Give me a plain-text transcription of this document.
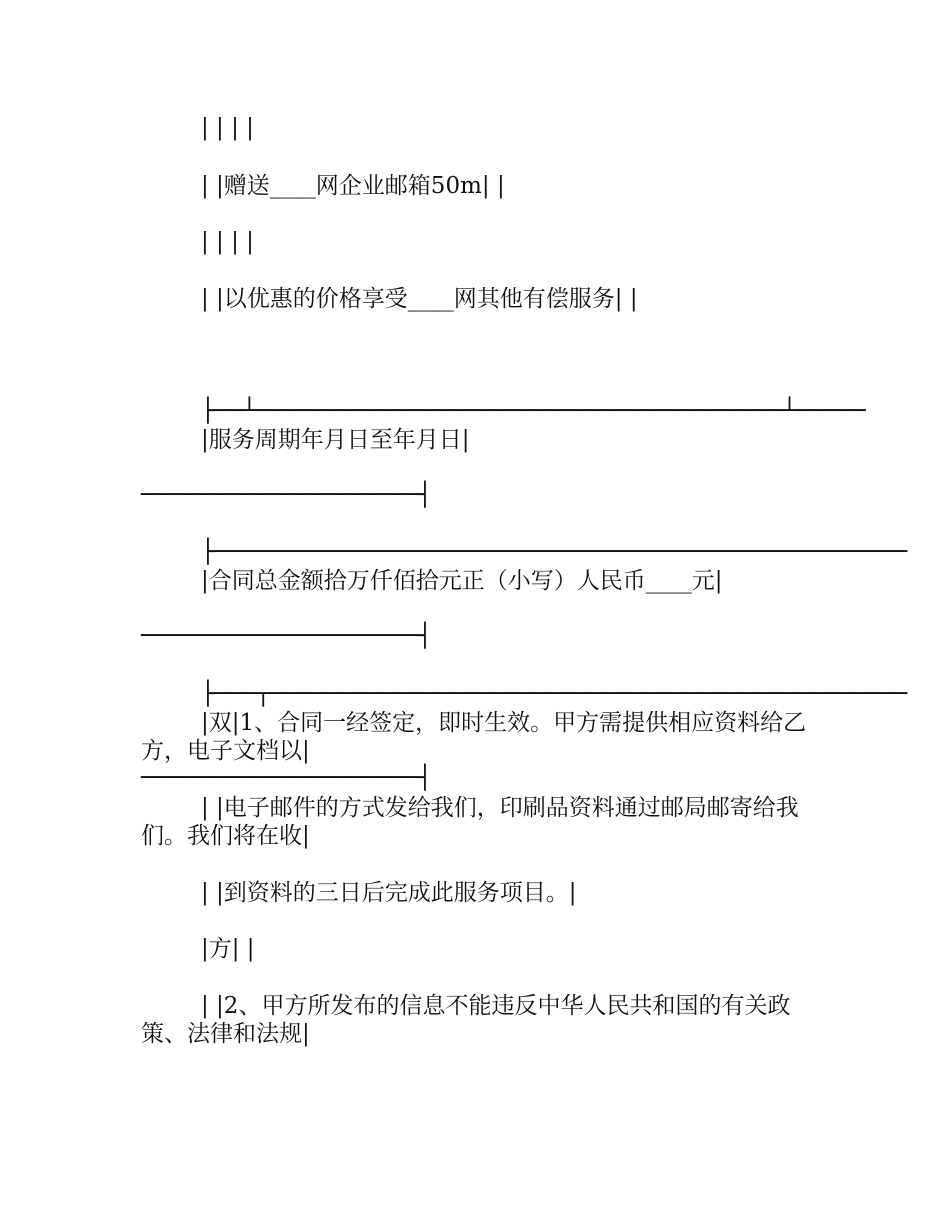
| | | |
| |赠送____网企业邮箱50m| |
| | | |
| |以优惠的价格享受____网其他有偿服务| |

├──┴──────────────────────────────────────┴─────

────────────────────┤

|服务周期年月日至年月日|

├──────────────────────────────────────────────────

────────────────────┤

|合同总金额拾万仟佰拾元正（小写）人民币____元|

├───┬──────────────────────────────────────────────

────────────────────┤

|双|1、合同一经签定，即时生效。甲方需提供相应资料给乙方，电子文档以|
| |电子邮件的方式发给我们，印刷品资料通过邮局邮寄给我们。我们将在收|
| |到资料的三日后完成此服务项目。|
|方| |
| |2、甲方所发布的信息不能违反中华人民共和国的有关政策、法律和法规|
